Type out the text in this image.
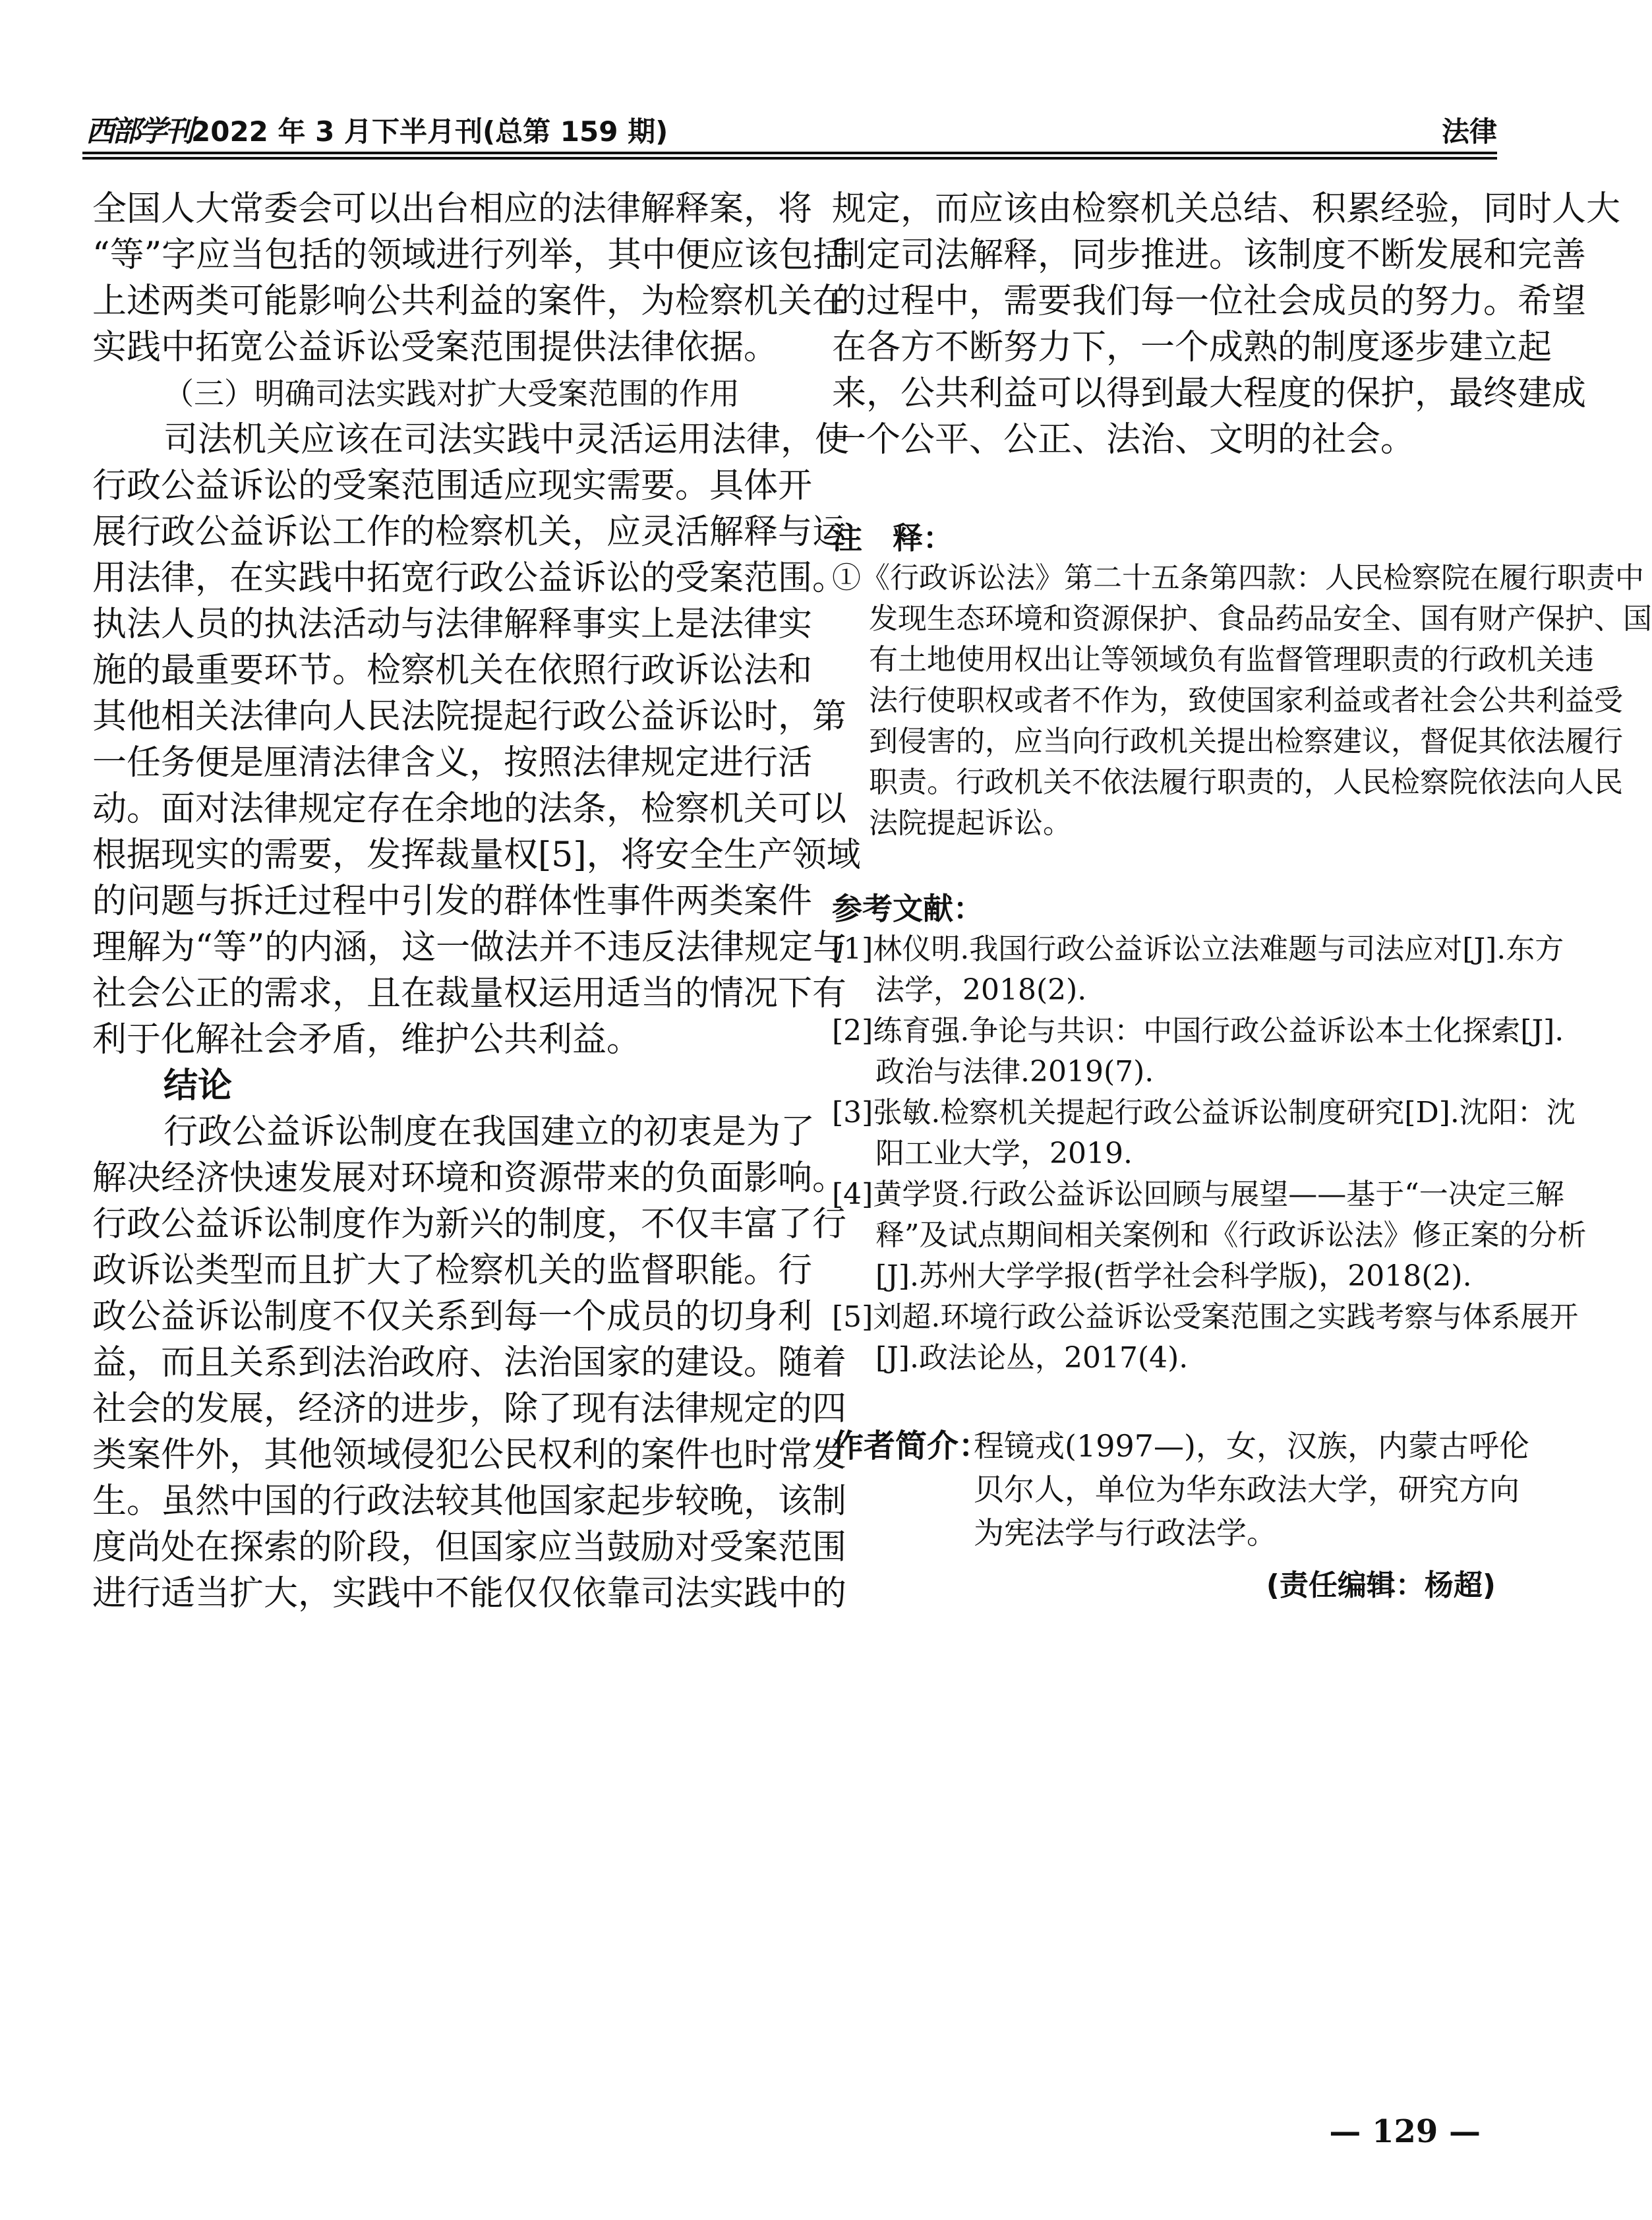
西部学刊2022 年 3 月下半月刊(总第 159 期)	法律
全国人大常委会可以出台相应的法律解释案，将
“等”字应当包括的领域进行列举，其中便应该包括
上述两类可能影响公共利益的案件，为检察机关在
实践中拓宽公益诉讼受案范围提供法律依据。
（三）明确司法实践对扩大受案范围的作用
司法机关应该在司法实践中灵活运用法律，使
行政公益诉讼的受案范围适应现实需要。具体开
展行政公益诉讼工作的检察机关，应灵活解释与运
用法律，在实践中拓宽行政公益诉讼的受案范围。
执法人员的执法活动与法律解释事实上是法律实
施的最重要环节。检察机关在依照行政诉讼法和
其他相关法律向人民法院提起行政公益诉讼时，第
一任务便是厘清法律含义，按照法律规定进行活
动。面对法律规定存在余地的法条，检察机关可以
根据现实的需要，发挥裁量权[5]，将安全生产领域
的问题与拆迁过程中引发的群体性事件两类案件
理解为“等”的内涵，这一做法并不违反法律规定与
社会公正的需求，且在裁量权运用适当的情况下有
利于化解社会矛盾，维护公共利益。
结论
行政公益诉讼制度在我国建立的初衷是为了
解决经济快速发展对环境和资源带来的负面影响。
行政公益诉讼制度作为新兴的制度，不仅丰富了行
政诉讼类型而且扩大了检察机关的监督职能。行
政公益诉讼制度不仅关系到每一个成员的切身利
益，而且关系到法治政府、法治国家的建设。随着
社会的发展，经济的进步，除了现有法律规定的四
类案件外，其他领域侵犯公民权利的案件也时常发
生。虽然中国的行政法较其他国家起步较晚，该制
度尚处在探索的阶段，但国家应当鼓励对受案范围
进行适当扩大，实践中不能仅仅依靠司法实践中的
规定，而应该由检察机关总结、积累经验，同时人大
制定司法解释，同步推进。该制度不断发展和完善
的过程中，需要我们每一位社会成员的努力。希望
在各方不断努力下，一个成熟的制度逐步建立起
来，公共利益可以得到最大程度的保护，最终建成
一个公平、公正、法治、文明的社会。
注　释：
①《行政诉讼法》第二十五条第四款：人民检察院在履行职责中
发现生态环境和资源保护、食品药品安全、国有财产保护、国
有土地使用权出让等领域负有监督管理职责的行政机关违
法行使职权或者不作为，致使国家利益或者社会公共利益受
到侵害的，应当向行政机关提出检察建议，督促其依法履行
职责。行政机关不依法履行职责的，人民检察院依法向人民
法院提起诉讼。
参考文献：
[1]林仪明.我国行政公益诉讼立法难题与司法应对[J].东方
法学，2018(2).
[2]练育强.争论与共识：中国行政公益诉讼本土化探索[J].
政治与法律.2019(7).
[3]张敏.检察机关提起行政公益诉讼制度研究[D].沈阳：沈
阳工业大学，2019.
[4]黄学贤.行政公益诉讼回顾与展望——基于“一决定三解
释”及试点期间相关案例和《行政诉讼法》修正案的分析
[J].苏州大学学报(哲学社会科学版)，2018(2).
[5]刘超.环境行政公益诉讼受案范围之实践考察与体系展开
[J].政法论丛，2017(4).
作者简介：
程镜戎(1997—)，女，汉族，内蒙古呼伦
贝尔人，单位为华东政法大学，研究方向
为宪法学与行政法学。
(责任编辑：杨超)
— 129 —
